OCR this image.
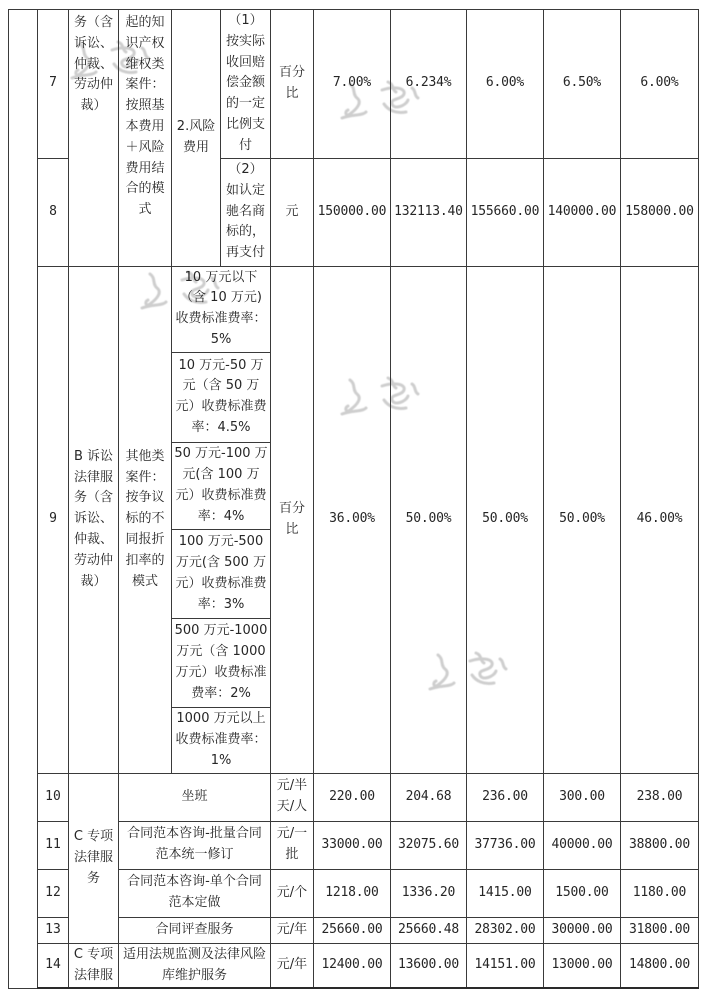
	7	务（含诉讼、仲裁、劳动仲裁）	起的知识产权维权类案件：按照基本费用＋风险费用结合的模式	2.风险费用	（1）按实际收回赔偿金额的一定比例支付	百分比	7.00%	6.234%	6.00%	6.50%	6.00%
	8				（2）如认定驰名商标的，再支付	元	150000.00	132113.40	155660.00	140000.00	158000.00
	9	B 诉讼法律服务（含诉讼、仲裁、劳动仲裁）	其他类案件：按争议标的不同报折扣率的模式	10 万元以下（含 10 万元)收费标准费率：5%		百分比	36.00%	50.00%	50.00%	50.00%	46.00%
				10 万元-50 万元（含 50 万元）收费标准费率：4.5%							
				50 万元-100 万元(含 100 万元）收费标准费率：4%							
				100 万元-500 万元(含 500 万元）收费标准费率：3%							
				500 万元-1000 万元（含 1000 万元）收费标准费率：2%							
				1000 万元以上收费标准费率：1%							
	10	C 专项法律服务	坐班			元/半天/人	220.00	204.68	236.00	300.00	238.00
	11		合同范本咨询-批量合同范本统一修订			元/一批	33000.00	32075.60	37736.00	40000.00	38800.00
	12		合同范本咨询-单个合同范本定做			元/个	1218.00	1336.20	1415.00	1500.00	1180.00
	13		合同评查服务			元/年	25660.00	25660.48	28302.00	30000.00	31800.00
	14	C 专项法律服	适用法规监测及法律风险库维护服务			元/年	12400.00	13600.00	14151.00	13000.00	14800.00
